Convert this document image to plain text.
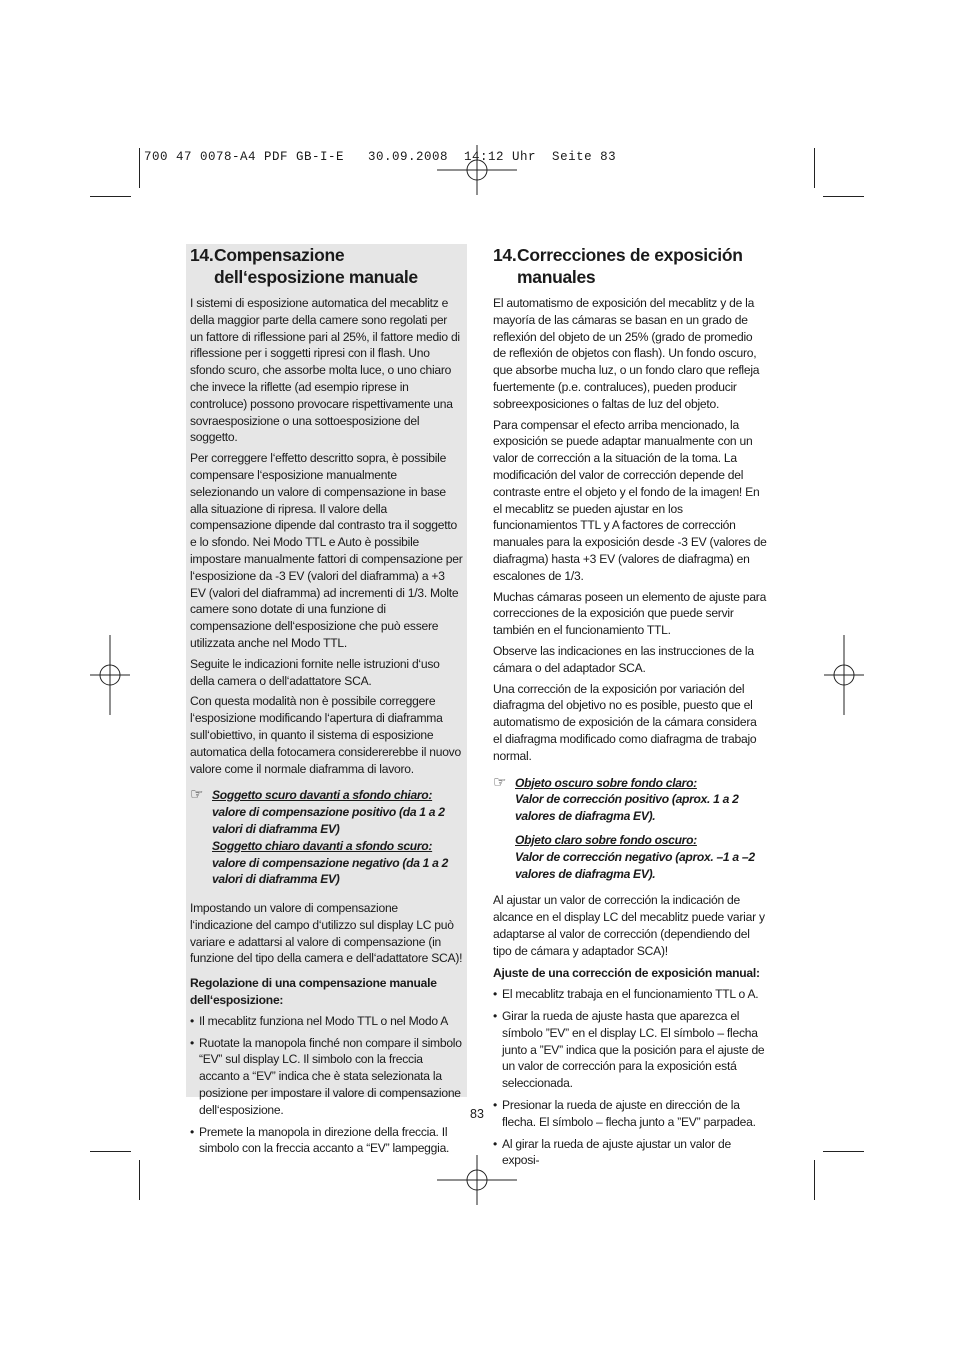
700 47 0078-A4 PDF GB-I-E   30.09.2008  14:12 Uhr  Seite 83
14. Compensazione dell‘esposizione manuale

I sistemi di esposizione automatica del mecablitz e della maggior parte della camere sono regolati per un fattore di riflessione pari al 25%, il fattore medio di riflessione per i soggetti ripresi con il flash. Uno sfondo scuro, che assorbe molta luce, o uno chiaro che invece la riflette (ad esempio riprese in controluce) possono provocare rispettivamente una sovraesposizione o una sottoesposizione del soggetto.

Per correggere l‘effetto descritto sopra, è possibile compensare l‘esposizione manualmente selezionando un valore di compensazione in base alla situazione di ripresa. Il valore della compensazione dipende dal contrasto tra il soggetto e lo sfondo. Nei Modo TTL e Auto è possibile impostare manualmente fattori di compensazione per l‘esposizione da -3 EV (valori del diaframma) a +3 EV (valori del diaframma) ad incrementi di 1/3. Molte camere sono dotate di una funzione di compensazione dell‘esposizione che può essere utilizzata anche nel Modo TTL.

Seguite le indicazioni fornite nelle istruzioni d‘uso della camera o dell‘adattatore SCA.

Con questa modalità non è possibile correggere l‘esposizione modificando l‘apertura di diaframma sull‘obiettivo, in quanto il sistema di esposizione automatica della fotocamera considererebbe il nuovo valore come il normale diaframma di lavoro.

☞ Soggetto scuro davanti a sfondo chiaro:
valore di compensazione positivo (da 1 a 2 valori di diaframma EV)
Soggetto chiaro davanti a sfondo scuro:
valore di compensazione negativo (da 1 a 2 valori di diaframma EV)

Impostando un valore di compensazione l‘indicazione del campo d‘utilizzo sul display LC può variare e adattarsi al valore di compensazione (in funzione del tipo della camera e dell‘adattatore SCA)!

Regolazione di una compensazione manuale dell‘esposizione:

• Il mecablitz funziona nel Modo TTL o nel Modo A
• Ruotate la manopola finché non compare il simbolo “EV” sul display LC. Il simbolo con la freccia accanto a “EV” indica che è stata selezionata la posizione per impostare il valore di compensazione dell‘esposizione.
• Premete la manopola in direzione della freccia. Il simbolo con la freccia accanto a “EV” lampeggia.
14. Correcciones de exposición manuales

El automatismo de exposición del mecablitz y de la mayoría de las cámaras se basan en un grado de reflexión del objeto de un 25% (grado de promedio de reflexión de objetos con flash). Un fondo oscuro, que absorbe mucha luz, o un fondo claro que refleja fuertemente (p.e. contraluces), pueden producir sobreexposiciones o faltas de luz del objeto.

Para compensar el efecto arriba mencionado, la exposición se puede adaptar manualmente con un valor de corrección a la situación de la toma. La modificación del valor de corrección depende del contraste entre el objeto y el fondo de la imagen! En el mecablitz se pueden ajustar en los funcionamientos TTL y A factores de corrección manuales para la exposición desde -3 EV (valores de diafragma) hasta +3 EV (valores de diafragma) en escalones de 1/3.

Muchas cámaras poseen un elemento de ajuste para correcciones de la exposición que puede servir también en el funcionamiento TTL.

Observe las indicaciones en las instrucciones de la cámara o del adaptador SCA.

Una corrección de la exposición por variación del diafragma del objetivo no es posible, puesto que el automatismo de exposición de la cámara considera el diafragma modificado como diafragma de trabajo normal.

☞ Objeto oscuro sobre fondo claro:
Valor de corrección positivo (aprox. 1 a 2 valores de diafragma EV).
Objeto claro sobre fondo oscuro:
Valor de corrección negativo (aprox. –1 a –2 valores de diafragma EV).

Al ajustar un valor de corrección la indicación de alcance en el display LC del mecablitz puede variar y adaptarse al valor de corrección (dependiendo del tipo de cámara y adaptador SCA)!

Ajuste de una corrección de exposición manual:

• El mecablitz trabaja en el funcionamiento TTL o A.
• Girar la rueda de ajuste hasta que aparezca el símbolo ”EV” en el display LC. El símbolo – flecha junto a ”EV” indica que la posición para el ajuste de un valor de corrección para la exposición está seleccionada.
• Presionar la rueda de ajuste en dirección de la flecha. El símbolo – flecha junto a ”EV” parpadea.
• Al girar la rueda de ajuste ajustar un valor de exposi-
83
